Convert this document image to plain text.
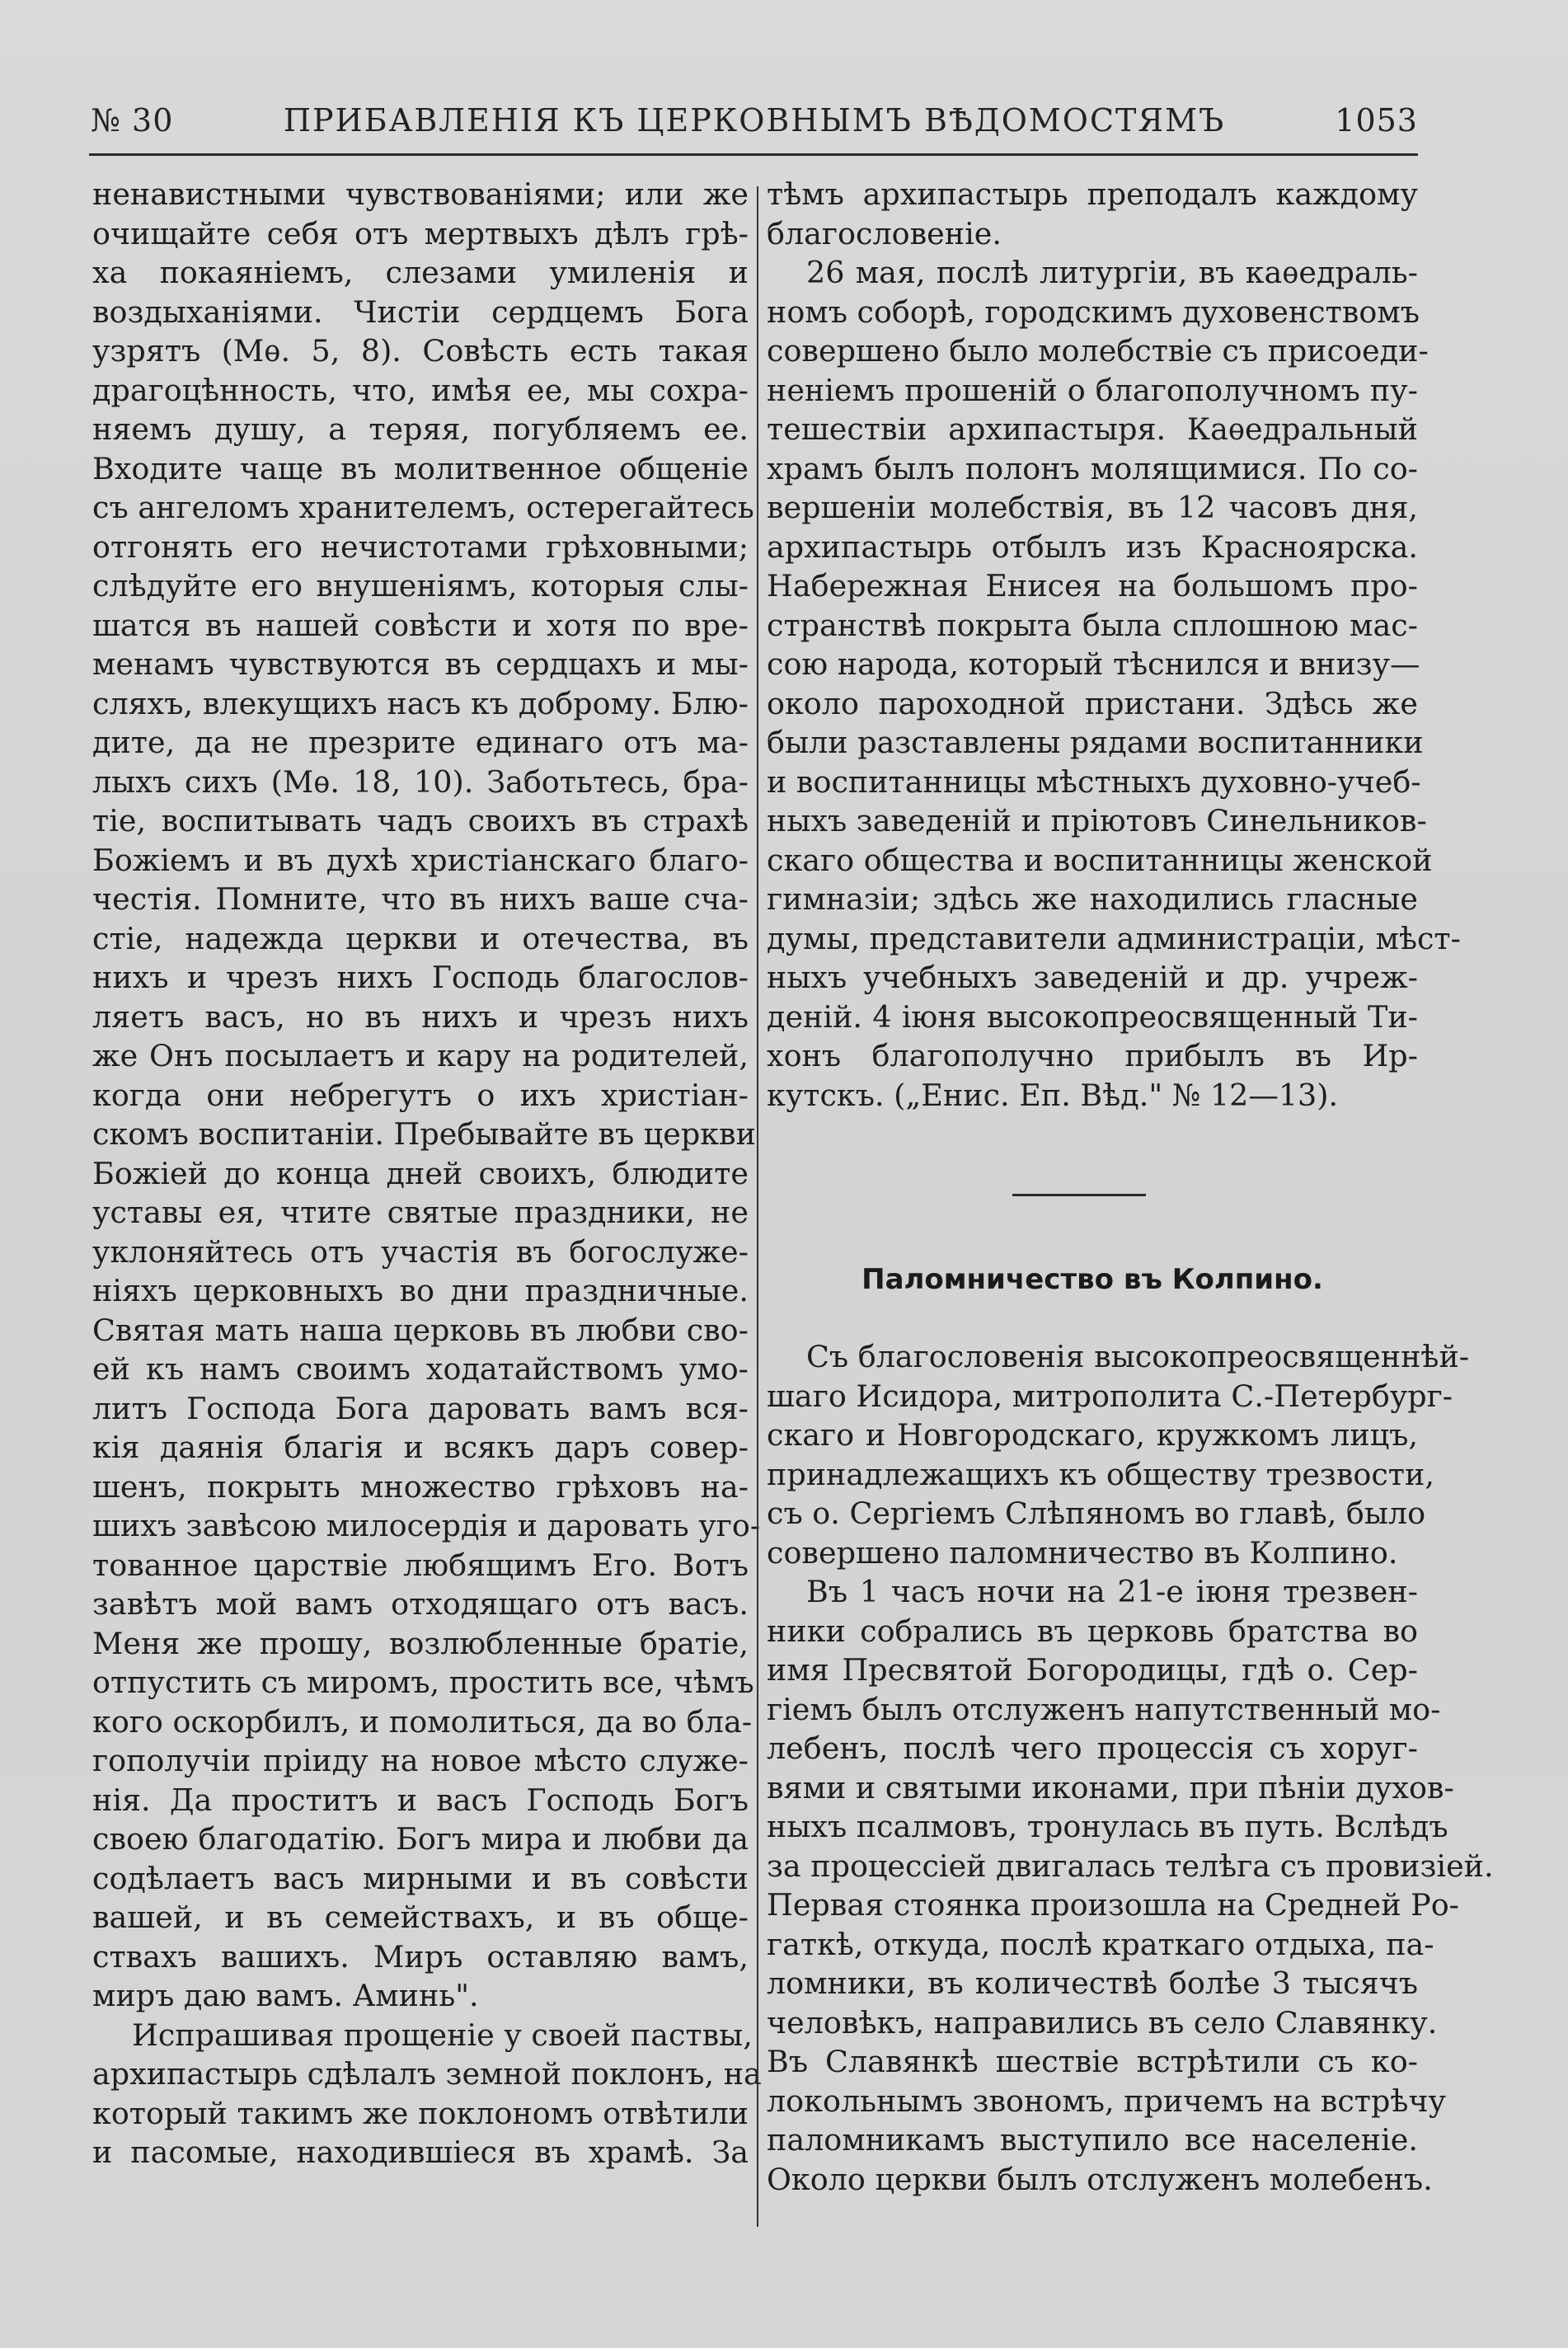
№ 30	ПРИБАВЛЕНІЯ КЪ ЦЕРКОВНЫМЪ ВѢДОМОСТЯМЪ	1053
ненавистными чувствованіями; или же
очищайте себя отъ мертвыхъ дѣлъ грѣ-
ха покаяніемъ, слезами умиленія и
воздыханіями. Чистіи сердцемъ Бога
узрятъ (Мѳ. 5, 8). Совѣсть есть такая
драгоцѣнность, что, имѣя ее, мы сохра-
няемъ душу, а теряя, погубляемъ ее.
Входите чаще въ молитвенное общеніе
съ ангеломъ хранителемъ, остерегайтесь
отгонять его нечистотами грѣховными;
слѣдуйте его внушеніямъ, которыя слы-
шатся въ нашей совѣсти и хотя по вре-
менамъ чувствуются въ сердцахъ и мы-
сляхъ, влекущихъ насъ къ доброму. Блю-
дите, да не презрите единаго отъ ма-
лыхъ сихъ (Мѳ. 18, 10). Заботьтесь, бра-
тіе, воспитывать чадъ своихъ въ страхѣ
Божіемъ и въ духѣ христіанскаго благо-
честія. Помните, что въ нихъ ваше сча-
стіе, надежда церкви и отечества, въ
нихъ и чрезъ нихъ Господь благослов-
ляетъ васъ, но въ нихъ и чрезъ нихъ
же Онъ посылаетъ и кару на родителей,
когда они небрегутъ о ихъ христіан-
скомъ воспитаніи. Пребывайте въ церкви
Божіей до конца дней своихъ, блюдите
уставы ея, чтите святые праздники, не
уклоняйтесь отъ участія въ богослуже-
ніяхъ церковныхъ во дни праздничные.
Святая мать наша церковь въ любви сво-
ей къ намъ своимъ ходатайствомъ умо-
литъ Господа Бога даровать вамъ вся-
кія даянія благія и всякъ даръ совер-
шенъ, покрыть множество грѣховъ на-
шихъ завѣсою милосердія и даровать уго-
тованное царствіе любящимъ Его. Вотъ
завѣтъ мой вамъ отходящаго отъ васъ.
Меня же прошу, возлюбленные братіе,
отпустить съ миромъ, простить все, чѣмъ
кого оскорбилъ, и помолиться, да во бла-
гополучіи пріиду на новое мѣсто служе-
нія. Да проститъ и васъ Господь Богъ
своею благодатію. Богъ мира и любви да
содѣлаетъ васъ мирными и въ совѣсти
вашей, и въ семействахъ, и въ обще-
ствахъ вашихъ. Миръ оставляю вамъ,
миръ даю вамъ. Аминь".
Испрашивая прощеніе у своей паствы,
архипастырь сдѣлалъ земной поклонъ, на
который такимъ же поклономъ отвѣтили
и пасомые, находившіеся въ храмѣ. За
тѣмъ архипастырь преподалъ каждому
благословеніе.
26 мая, послѣ литургіи, въ каѳедраль-
номъ соборѣ, городскимъ духовенствомъ
совершено было молебствіе съ присоеди-
неніемъ прошеній о благополучномъ пу-
тешествіи архипастыря. Каѳедральный
храмъ былъ полонъ молящимися. По со-
вершеніи молебствія, въ 12 часовъ дня,
архипастырь отбылъ изъ Красноярска.
Набережная Енисея на большомъ про-
странствѣ покрыта была сплошною мас-
сою народа, который тѣснился и внизу—
около пароходной пристани. Здѣсь же
были разставлены рядами воспитанники
и воспитанницы мѣстныхъ духовно-учеб-
ныхъ заведеній и пріютовъ Синельников-
скаго общества и воспитанницы женской
гимназіи; здѣсь же находились гласные
думы, представители администраціи, мѣст-
ныхъ учебныхъ заведеній и др. учреж-
деній. 4 іюня высокопреосвященный Ти-
хонъ благополучно прибылъ въ Ир-
кутскъ. („Енис. Еп. Вѣд." № 12—13).
Паломничество въ Колпино.
Съ благословенія высокопреосвященнѣй-
шаго Исидора, митрополита С.-Петербург-
скаго и Новгородскаго, кружкомъ лицъ,
принадлежащихъ къ обществу трезвости,
съ о. Сергіемъ Слѣпяномъ во главѣ, было
совершено паломничество въ Колпино.
Въ 1 часъ ночи на 21-е іюня трезвен-
ники собрались въ церковь братства во
имя Пресвятой Богородицы, гдѣ о. Сер-
гіемъ былъ отслуженъ напутственный мо-
лебенъ, послѣ чего процессія съ хоруг-
вями и святыми иконами, при пѣніи духов-
ныхъ псалмовъ, тронулась въ путь. Вслѣдъ
за процессіей двигалась телѣга съ провизіей.
Первая стоянка произошла на Средней Ро-
гаткѣ, откуда, послѣ краткаго отдыха, па-
ломники, въ количествѣ болѣе 3 тысячъ
человѣкъ, направились въ село Славянку.
Въ Славянкѣ шествіе встрѣтили съ ко-
локольнымъ звономъ, причемъ на встрѣчу
паломникамъ выступило все населеніе.
Около церкви былъ отслуженъ молебенъ.
